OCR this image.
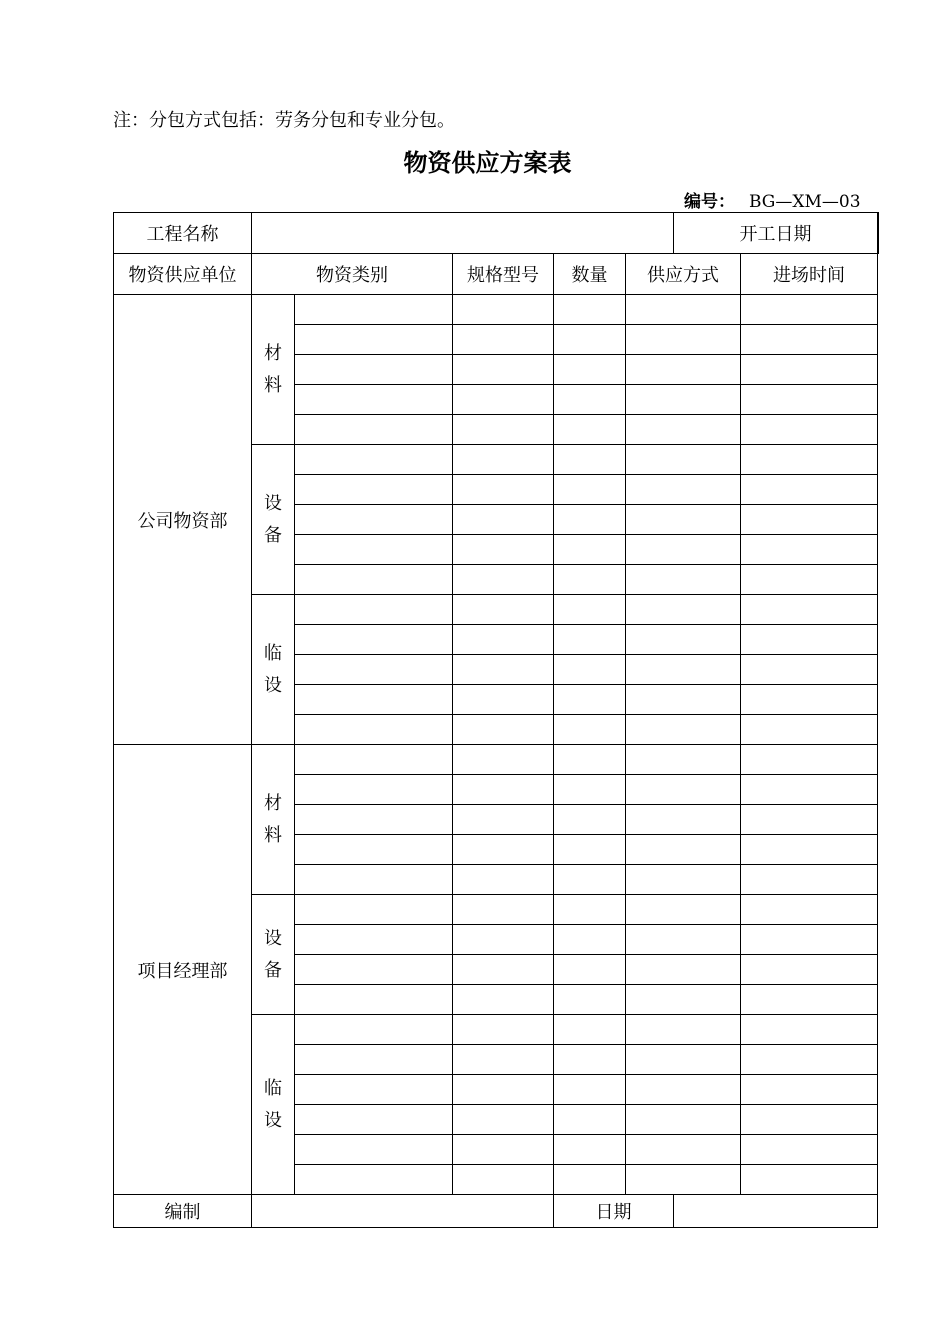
注：分包方式包括：劳务分包和专业分包。
物资供应方案表
编号： BG—XM—03
工程名称						开工日期		
物资供应单位	物资类别		规格型号	数量	供应方式		进场时间	
公司物资部	材
料							

	设
备							

	临
设							

项目经理部	材
料							

	设
备							

	临
设							

编制				日期				
